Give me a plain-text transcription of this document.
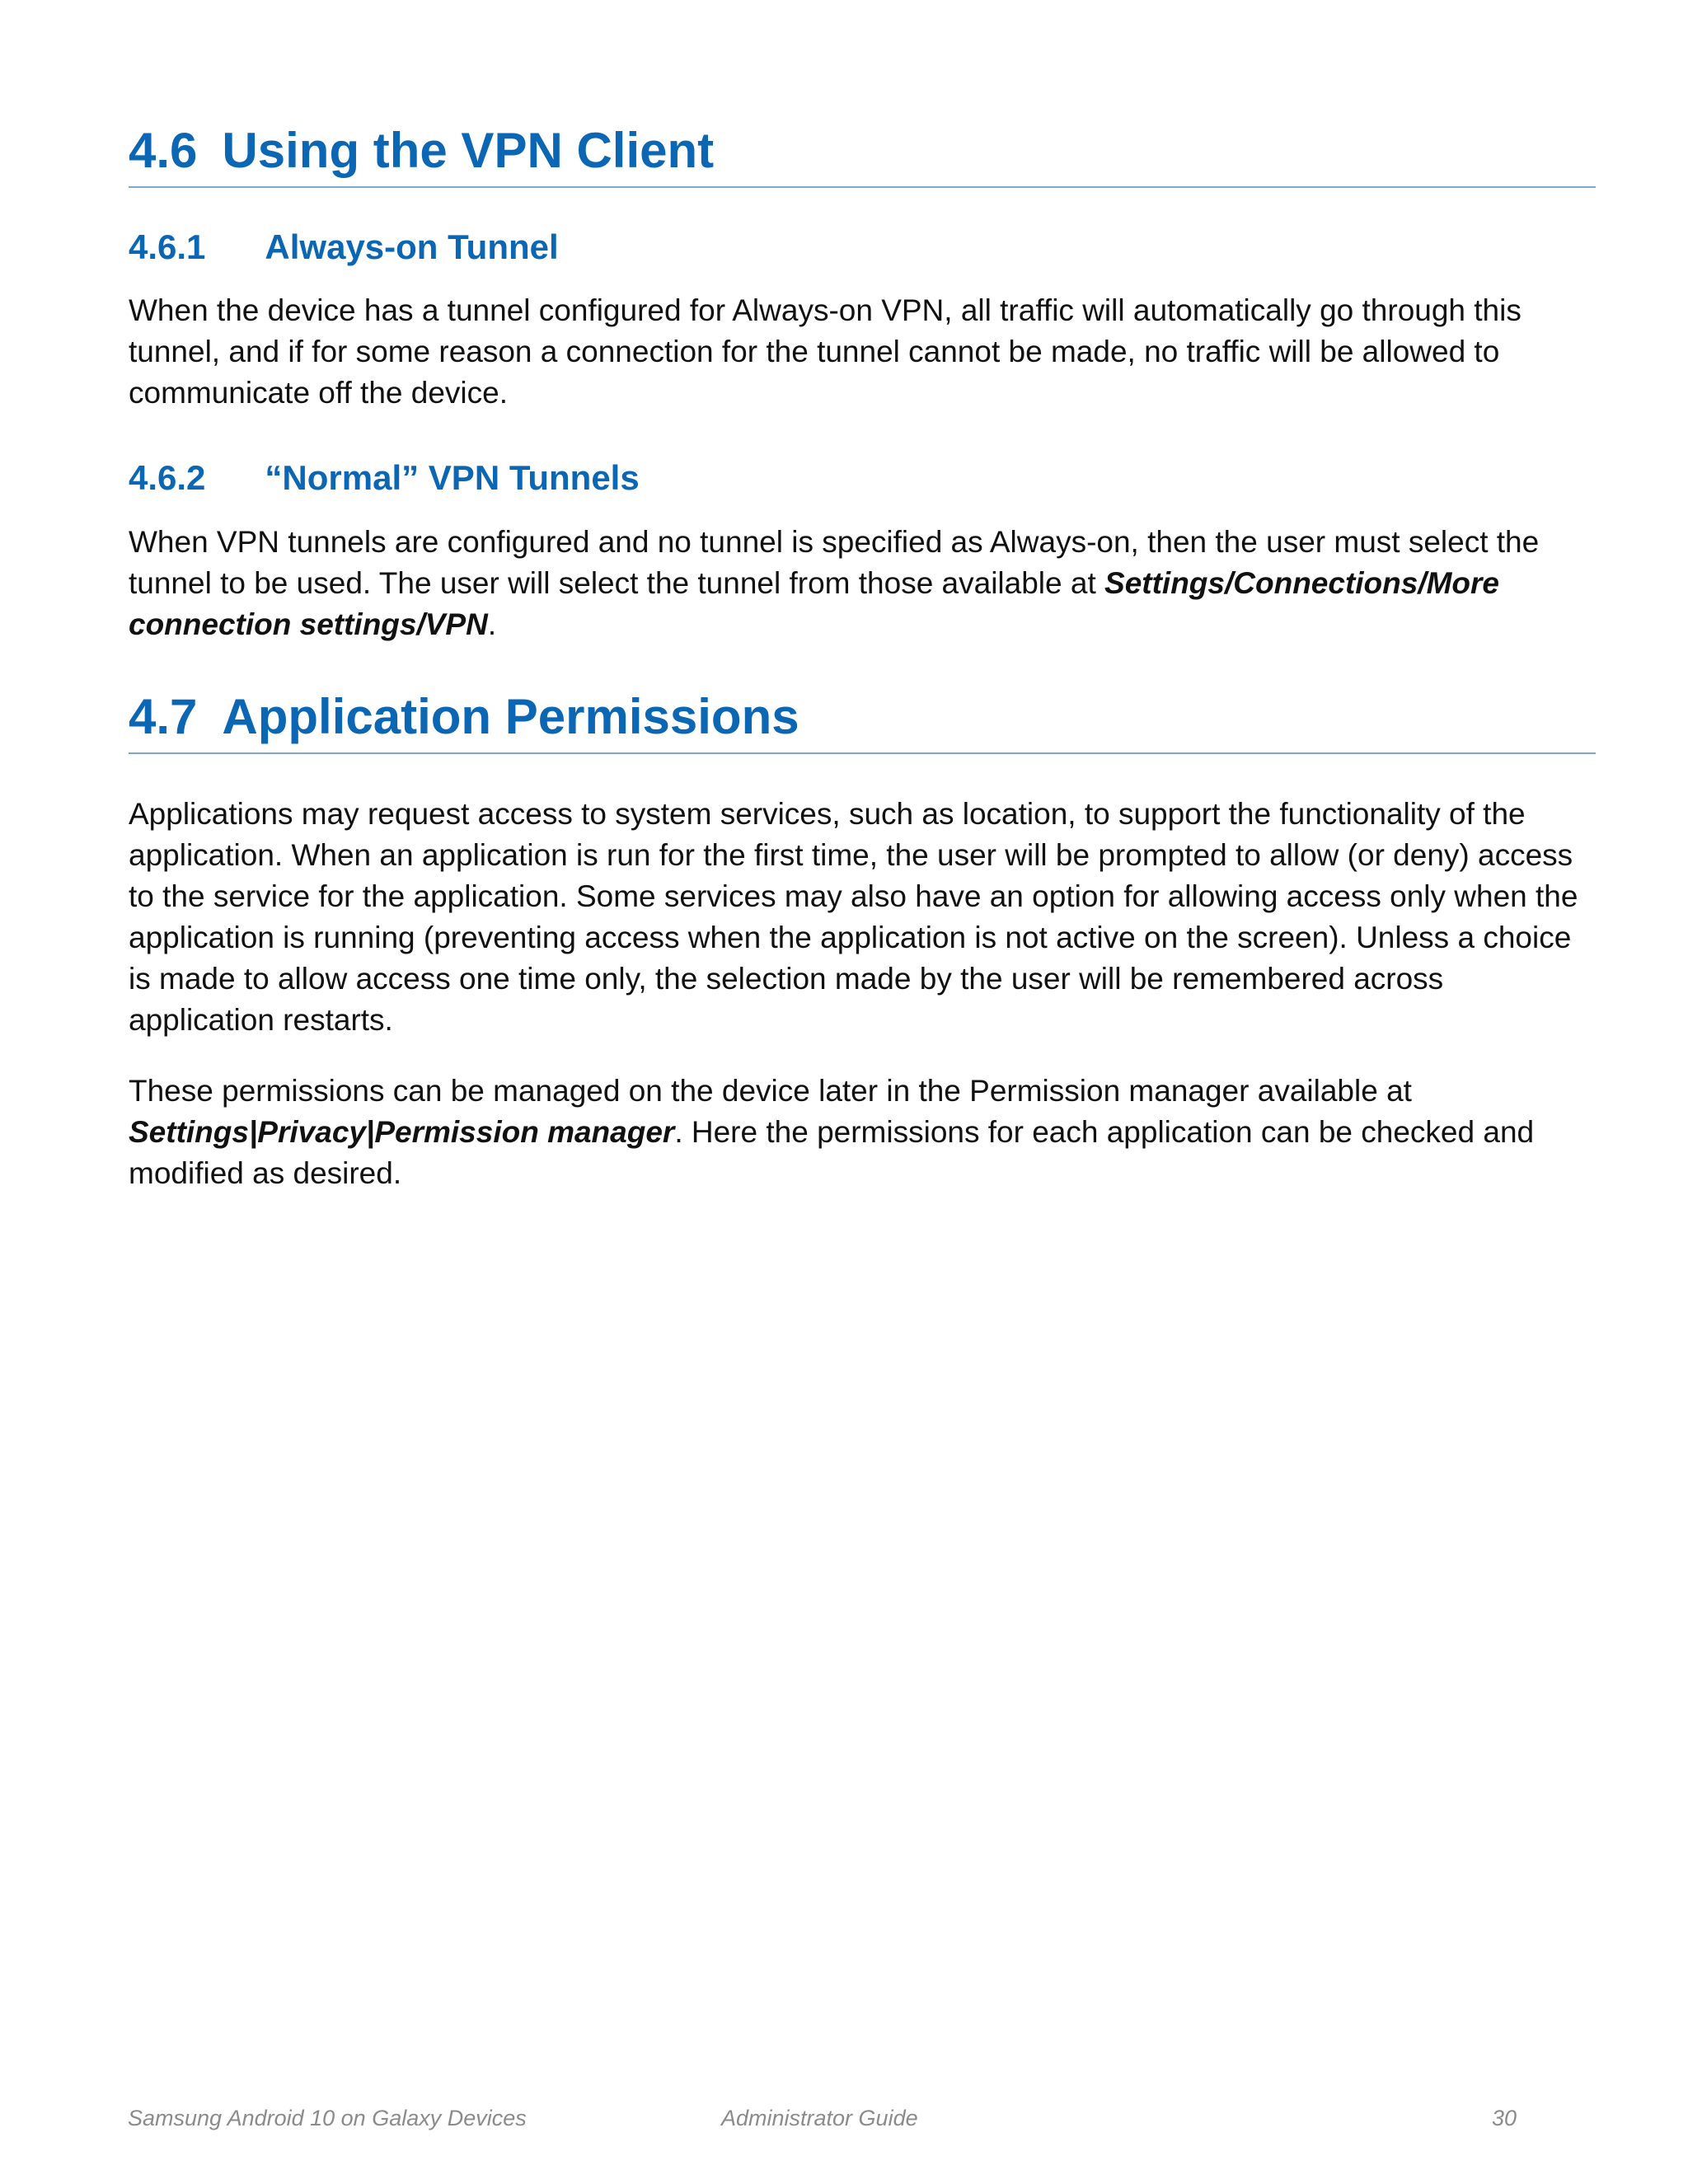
4.6 Using the VPN Client
4.6.1 Always-on Tunnel

When the device has a tunnel configured for Always-on VPN, all traffic will automatically go through this tunnel, and if for some reason a connection for the tunnel cannot be made, no traffic will be allowed to communicate off the device.

4.6.2 “Normal” VPN Tunnels

When VPN tunnels are configured and no tunnel is specified as Always-on, then the user must select the tunnel to be used. The user will select the tunnel from those available at Settings/Connections/More connection settings/VPN.

4.7 Application Permissions

Applications may request access to system services, such as location, to support the functionality of the application. When an application is run for the first time, the user will be prompted to allow (or deny) access to the service for the application. Some services may also have an option for allowing access only when the application is running (preventing access when the application is not active on the screen). Unless a choice is made to allow access one time only, the selection made by the user will be remembered across application restarts.

These permissions can be managed on the device later in the Permission manager available at Settings|Privacy|Permission manager. Here the permissions for each application can be checked and modified as desired.

Samsung Android 10 on Galaxy Devices	Administrator Guide	30
